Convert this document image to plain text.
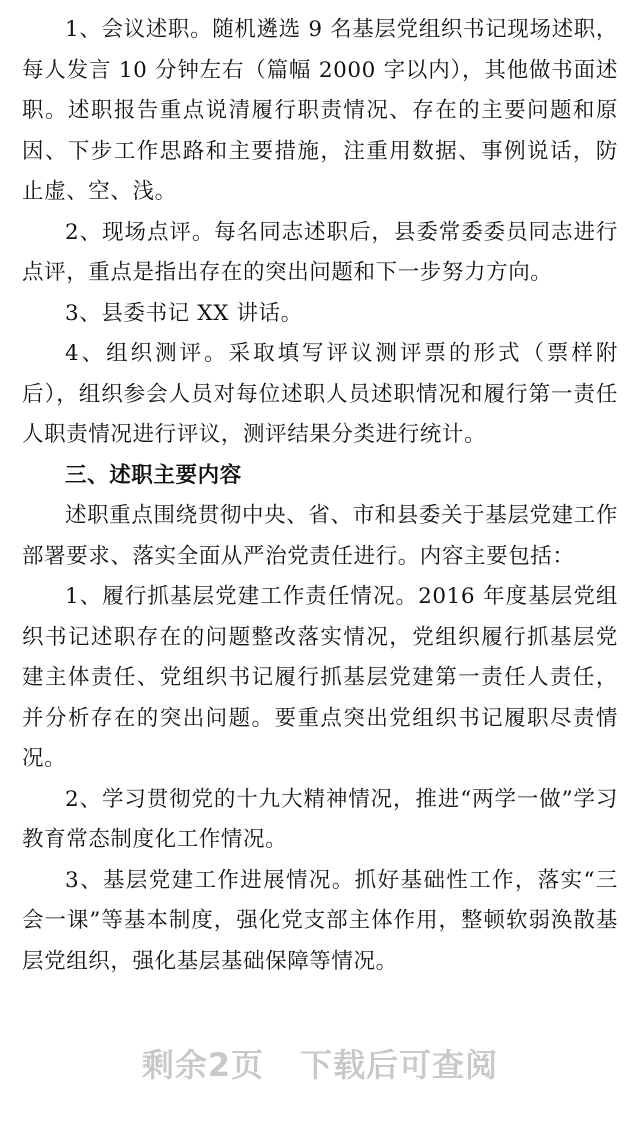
1、会议述职。随机遴选 9 名基层党组织书记现场述职，每人发言 10 分钟左右（篇幅 2000 字以内），其他做书面述职。述职报告重点说清履行职责情况、存在的主要问题和原因、下步工作思路和主要措施，注重用数据、事例说话，防止虚、空、浅。

2、现场点评。每名同志述职后，县委常委委员同志进行点评，重点是指出存在的突出问题和下一步努力方向。

3、县委书记 XX 讲话。

4、组织测评。采取填写评议测评票的形式（票样附后），组织参会人员对每位述职人员述职情况和履行第一责任人职责情况进行评议，测评结果分类进行统计。

三、述职主要内容

述职重点围绕贯彻中央、省、市和县委关于基层党建工作部署要求、落实全面从严治党责任进行。内容主要包括：

1、履行抓基层党建工作责任情况。2016 年度基层党组织书记述职存在的问题整改落实情况，党组织履行抓基层党建主体责任、党组织书记履行抓基层党建第一责任人责任，并分析存在的突出问题。要重点突出党组织书记履职尽责情况。

2、学习贯彻党的十九大精神情况，推进“两学一做”学习教育常态制度化工作情况。

3、基层党建工作进展情况。抓好基础性工作，落实“三会一课”等基本制度，强化党支部主体作用，整顿软弱涣散基层党组织，强化基层基础保障等情况。

剩余2页 下载后可查阅
